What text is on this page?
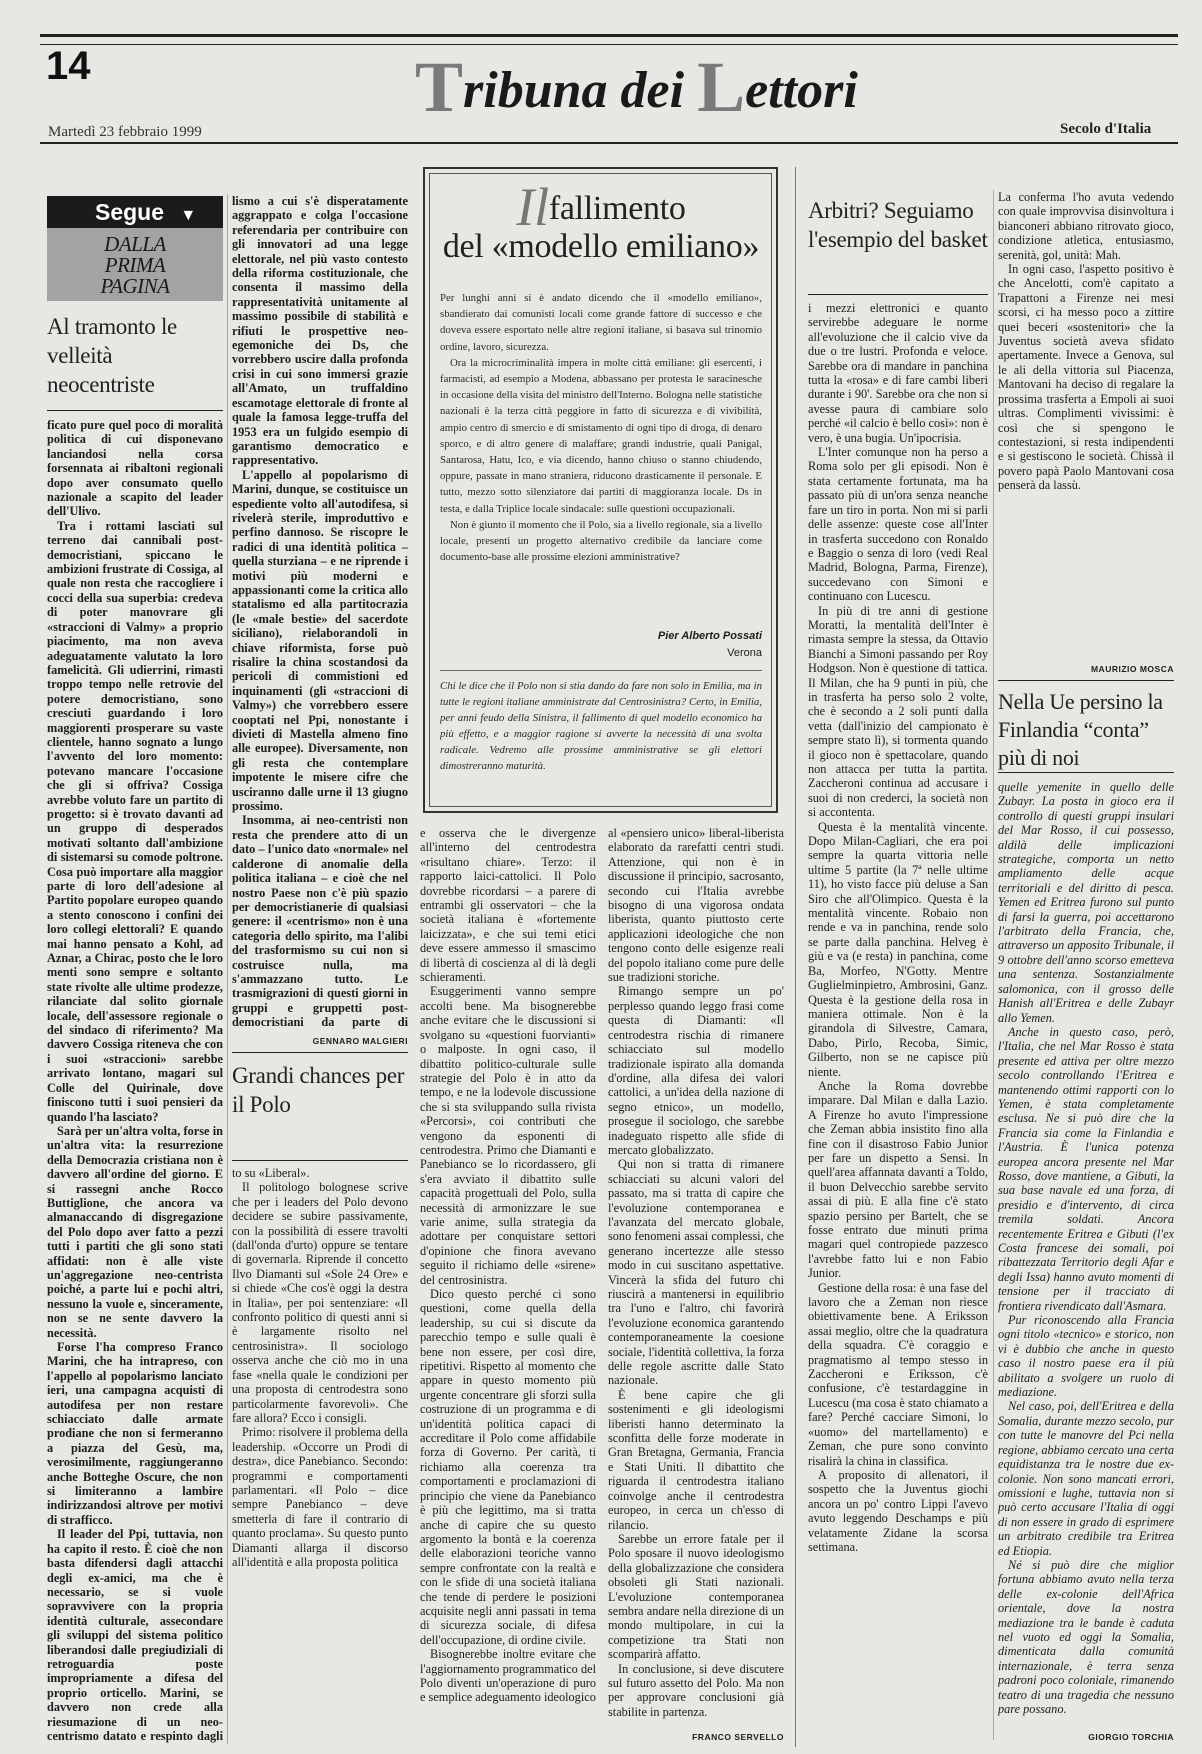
14	Tribuna dei Lettori
Martedì 23 febbraio 1999	Secolo d'Italia
Segue ▼
DALLA PRIMA PAGINA
Al tramonto le velleità neocentriste

ficato pure quel poco di moralità politica di cui disponevano lanciandosi nella corsa forsennata ai ribaltoni regionali dopo aver consumato quello nazionale a scapito del leader dell'Ulivo.

Tra i rottami lasciati sul terreno dai cannibali post-democristiani, spiccano le ambizioni frustrate di Cossiga, al quale non resta che raccogliere i cocci della sua superbia: credeva di poter manovrare gli «straccioni di Valmy» a proprio piacimento, ma non aveva adeguatamente valutato la loro famelicità. Gli udierrini, rimasti troppo tempo nelle retrovie del potere democristiano, sono cresciuti guardando i loro maggiorenti prosperare su vaste clientele, hanno sognato a lungo l'avvento del loro momento: potevano mancare l'occasione che gli si offriva? Cossiga avrebbe voluto fare un partito di progetto: si è trovato davanti ad un gruppo di desperados motivati soltanto dall'ambizione di sistemarsi su comode poltrone. Cosa può importare alla maggior parte di loro dell'adesione al Partito popolare europeo quando a stento conoscono i confini dei loro collegi elettorali? E quando mai hanno pensato a Kohl, ad Aznar, a Chirac, posto che le loro menti sono sempre e soltanto state rivolte alle ultime prodezze, rilanciate dal solito giornale locale, dell'assessore regionale o del sindaco di riferimento? Ma davvero Cossiga riteneva che con i suoi «straccioni» sarebbe arrivato lontano, magari sul Colle del Quirinale, dove finiscono tutti i suoi pensieri da quando l'ha lasciato?

Sarà per un'altra volta, forse in un'altra vita: la resurrezione della Democrazia cristiana non è davvero all'ordine del giorno. E si rassegni anche Rocco Buttiglione, che ancora va almanaccando di disgregazione del Polo dopo aver fatto a pezzi tutti i partiti che gli sono stati affidati: non è alle viste un'aggregazione neo-centrista poiché, a parte lui e pochi altri, nessuno la vuole e, sinceramente, non se ne sente davvero la necessità.

Forse l'ha compreso Franco Marini, che ha intrapreso, con l'appello al popolarismo lanciato ieri, una campagna acquisti di autodifesa per non restare schiacciato dalle armate prodiane che non si fermeranno a piazza del Gesù, ma, verosimilmente, raggiungeranno anche Botteghe Oscure, che non si limiteranno a lambire indirizzandosi altrove per motivi di strafficco.

Il leader del Ppi, tuttavia, non ha capito il resto. È cioè che non basta difendersi dagli attacchi degli ex-amici, ma che è necessario, se si vuole sopravvivere con la propria identità culturale, assecondare gli sviluppi del sistema politico liberandosi dalle pregiudiziali di retroguardia poste impropriamente a difesa del proprio orticello. Marini, se davvero non crede alla riesumazione di un neo-centrismo datato e respinto dagli

lismo a cui s'è disperatamente aggrappato e colga l'occasione referendaria per contribuire con gli innovatori ad una legge elettorale, nel più vasto contesto della riforma costituzionale, che consenta il massimo della rappresentatività unitamente al massimo possibile di stabilità e rifiuti le prospettive neo-egemoniche dei Ds, che vorrebbero uscire dalla profonda crisi in cui sono immersi grazie all'Amato, un truffaldino escamotage elettorale di fronte al quale la famosa legge-truffa del 1953 era un fulgido esempio di garantismo democratico e rappresentativo.

L'appello al popolarismo di Marini, dunque, se costituisce un espediente volto all'autodifesa, si rivelerà sterile, improduttivo e perfino dannoso. Se riscopre le radici di una identità politica – quella sturziana – e ne riprende i motivi più moderni e appassionanti come la critica allo statalismo ed alla partitocrazia (le «male bestie» del sacerdote siciliano), rielaborandoli in chiave riformista, forse può risalire la china scostandosi da pericoli di commistioni ed inquinamenti (gli «straccioni di Valmy») che vorrebbero essere cooptati nel Ppi, nonostante i divieti di Mastella almeno fino alle europee). Diversamente, non gli resta che contemplare impotente le misere cifre che usciranno dalle urne il 13 giugno prossimo.

Insomma, ai neo-centristi non resta che prendere atto di un dato – l'unico dato «normale» nel calderone di anomalie della politica italiana – e cioè che nel nostro Paese non c'è più spazio per democristianerie di qualsiasi genere: il «centrismo» non è una categoria dello spirito, ma l'alibi del trasformismo su cui non si costruisce nulla, ma s'ammazzano tutto. Le trasmigrazioni di questi giorni in gruppi e gruppetti post-democristiani da parte di

GENNARO MALGIERI
Grandi chances per il Polo

to su «Liberal».

Il politologo bolognese scrive che per i leaders del Polo devono decidere se subire passivamente, con la possibilità di essere travolti (dall'onda d'urto) oppure se tentare di governarla. Riprende il concetto Ilvo Diamanti sul «Sole 24 Ore» e si chiede «Che cos'è oggi la destra in Italia», per poi sentenziare: «Il confronto politico di questi anni si è largamente risolto nel centrosinistra». Il sociologo osserva anche che ciò mo in una fase «nella quale le condizioni per una proposta di centrodestra sono particolarmente favorevoli». Che fare allora? Ecco i consigli.

Primo: risolvere il problema della leadership. «Occorre un Prodi di destra», dice Panebianco. Secondo: programmi e comportamenti parlamentari. «Il Polo – dice sempre Panebianco – deve smetterla di fare il contrario di quanto proclama». Su questo punto Diamanti allarga il discorso all'identità e alla proposta politica

Ilfallimento
del «modello emiliano»

Per lunghi anni si è andato dicendo che il «modello emiliano», sbandierato dai comunisti locali come grande fattore di successo e che doveva essere esportato nelle altre regioni italiane, si basava sul trinomio ordine, lavoro, sicurezza.

Ora la microcriminalità impera in molte città emiliane: gli esercenti, i farmacisti, ad esempio a Modena, abbassano per protesta le saracinesche in occasione della visita del ministro dell'Interno. Bologna nelle statistiche nazionali è la terza città peggiore in fatto di sicurezza e di vivibilità, ampio centro di smercio e di smistamento di ogni tipo di droga, di denaro sporco, e di altro genere di malaffare; grandi industrie, quali Panigal, Santarosa, Hatu, Ico, e via dicendo, hanno chiuso o stanno chiudendo, oppure, passate in mano straniera, riducono drasticamente il personale. E tutto, mezzo sotto silenziatore dai partiti di maggioranza locale. Ds in testa, e dalla Triplice locale sindacale: sulle questioni occupazionali.

Non è giunto il momento che il Polo, sia a livello regionale, sia a livello locale, presenti un progetto alternativo credibile da lanciare come documento-base alle prossime elezioni amministrative?

Pier Alberto Possati
Verona
Chi le dice che il Polo non si stia dando da fare non solo in Emilia, ma in tutte le regioni italiane amministrate dal Centrosinistra? Certo, in Emilia, per anni feudo della Sinistra, il fallimento di quel modello economico ha più effetto, e a maggior ragione si avverte la necessità di una svolta radicale. Vedremo alle prossime amministrative se gli elettori dimostreranno maturità.

e osserva che le divergenze all'interno del centrodestra «risultano chiare». Terzo: il rapporto laici-cattolici. Il Polo dovrebbe ricordarsi – a parere di entrambi gli osservatori – che la società italiana è «fortemente laicizzata», e che sui temi etici deve essere ammesso il smascimo di libertà di coscienza al di là degli schieramenti.

Esuggerimenti vanno sempre accolti bene. Ma bisognerebbe anche evitare che le discussioni si svolgano su «questioni fuorvianti» o malposte. In ogni caso, il dibattito politico-culturale sulle strategie del Polo è in atto da tempo, e ne la lodevole discussione che si sta sviluppando sulla rivista «Percorsi», coi contributi che vengono da esponenti di centrodestra. Primo che Diamanti e Panebianco se lo ricordassero, gli s'era avviato il dibattito sulle capacità progettuali del Polo, sulla necessità di armonizzare le sue varie anime, sulla strategia da adottare per conquistare settori d'opinione che finora avevano seguito il richiamo delle «sirene» del centrosinistra.

Dico questo perché ci sono questioni, come quella della leadership, su cui si discute da parecchio tempo e sulle quali è bene non essere, per così dire, ripetitivi. Rispetto al momento che appare in questo momento più urgente concentrare gli sforzi sulla costruzione di un programma e di un'identità politica capaci di accreditare il Polo come affidabile forza di Governo. Per carità, ti richiamo alla coerenza tra comportamenti e proclamazioni di principio che viene da Panebianco è più che legittimo, ma si tratta anche di capire che su questo argomento la bontà e la coerenza delle elaborazioni teoriche vanno sempre confrontate con la realtà e con le sfide di una società italiana che tende di perdere le posizioni acquisite negli anni passati in tema di sicurezza sociale, di difesa dell'occupazione, di ordine civile.

Bisognerebbe inoltre evitare che l'aggiornamento programmatico del Polo diventi un'operazione di puro e semplice adeguamento ideologico

al «pensiero unico» liberal-liberista elaborato da rarefatti centri studi. Attenzione, qui non è in discussione il principio, sacrosanto, secondo cui l'Italia avrebbe bisogno di una vigorosa ondata liberista, quanto piuttosto certe applicazioni ideologiche che non tengono conto delle esigenze reali del popolo italiano come pure delle sue tradizioni storiche.

Rimango sempre un po' perplesso quando leggo frasi come questa di Diamanti: «Il centrodestra rischia di rimanere schiacciato sul modello tradizionale ispirato alla domanda d'ordine, alla difesa dei valori cattolici, a un'idea della nazione di segno etnico», un modello, prosegue il sociologo, che sarebbe inadeguato rispetto alle sfide di mercato globalizzato.

Qui non si tratta di rimanere schiacciati su alcuni valori del passato, ma si tratta di capire che l'evoluzione contemporanea e l'avanzata del mercato globale, sono fenomeni assai complessi, che generano incertezze alle stesso modo in cui suscitano aspettative. Vincerà la sfida del futuro chi riuscirà a mantenersi in equilibrio tra l'uno e l'altro, chi favorirà l'evoluzione economica garantendo contemporaneamente la coesione sociale, l'identità collettiva, la forza delle regole ascritte dalle Stato nazionale.

È bene capire che gli sostenimenti e gli ideologismi liberisti hanno determinato la sconfitta delle forze moderate in Gran Bretagna, Germania, Francia e Stati Uniti. Il dibattito che riguarda il centrodestra italiano coinvolge anche il centrodestra europeo, in cerca un ch'esso di rilancio.

Sarebbe un errore fatale per il Polo sposare il nuovo ideologismo della globalizzazione che considera obsoleti gli Stati nazionali. L'evoluzione contemporanea sembra andare nella direzione di un mondo multipolare, in cui la competizione tra Stati non scomparirà affatto.

In conclusione, si deve discutere sul futuro assetto del Polo. Ma non per approvare conclusioni già stabilite in partenza.

FRANCO SERVELLO
Arbitri? Seguiamo l'esempio del basket

i mezzi elettronici e quanto servirebbe adeguare le norme all'evoluzione che il calcio vive da due o tre lustri. Profonda e veloce. Sarebbe ora di mandare in panchina tutta la «rosa» e di fare cambi liberi durante i 90'. Sarebbe ora che non si avesse paura di cambiare solo perché «il calcio è bello così»: non è vero, è una bugia. Un'ipocrisia.

L'Inter comunque non ha perso a Roma solo per gli episodi. Non è stata certamente fortunata, ma ha passato più di un'ora senza neanche fare un tiro in porta. Non mi si parli delle assenze: queste cose all'Inter in trasferta succedono con Ronaldo e Baggio o senza di loro (vedi Real Madrid, Bologna, Parma, Firenze), succedevano con Simoni e continuano con Lucescu.

In più di tre anni di gestione Moratti, la mentalità dell'Inter è rimasta sempre la stessa, da Ottavio Bianchi a Simoni passando per Roy Hodgson. Non è questione di tattica. Il Milan, che ha 9 punti in più, che in trasferta ha perso solo 2 volte, che è secondo a 2 soli punti dalla vetta (dall'inizio del campionato è sempre stato lì), si tormenta quando il gioco non è spettacolare, quando non attacca per tutta la partita. Zaccheroni continua ad accusare i suoi di non crederci, la società non si accontenta.

Questa è la mentalità vincente. Dopo Milan-Cagliari, che era poi sempre la quarta vittoria nelle ultime 5 partite (la 7ª nelle ultime 11), ho visto facce più deluse a San Siro che all'Olimpico. Questa è la mentalità vincente. Robaio non rende e va in panchina, rende solo se parte dalla panchina. Helveg è giù e va (e resta) in panchina, come Ba, Morfeo, N'Gotty. Mentre Guglielminpietro, Ambrosini, Ganz. Questa è la gestione della rosa in maniera ottimale. Non è la girandola di Silvestre, Camara, Dabo, Pirlo, Recoba, Simic, Gilberto, non se ne capisce più niente.

Anche la Roma dovrebbe imparare. Dal Milan e dalla Lazio. A Firenze ho avuto l'impressione che Zeman abbia insistito fino alla fine con il disastroso Fabio Junior per fare un dispetto a Sensi. In quell'area affannata davanti a Toldo, il buon Delvecchio sarebbe servito assai di più. E alla fine c'è stato spazio persino per Bartelt, che se fosse entrato due minuti prima magari quel contropiede pazzesco l'avrebbe fatto lui e non Fabio Junior.

Gestione della rosa: è una fase del lavoro che a Zeman non riesce obiettivamente bene. A Eriksson assai meglio, oltre che la quadratura della squadra. C'è coraggio e pragmatismo al tempo stesso in Zaccheroni e Eriksson, c'è confusione, c'è testardaggine in Lucescu (ma cosa è stato chiamato a fare? Perché cacciare Simoni, lo «uomo» del martellamento) e Zeman, che pure sono convinto risalirà la china in classifica.

A proposito di allenatori, il sospetto che la Juventus giochi ancora un po' contro Lippi l'avevo avuto leggendo Deschamps e più velatamente Zidane la scorsa settimana.

La conferma l'ho avuta vedendo con quale improvvisa disinvoltura i bianconeri abbiano ritrovato gioco, condizione atletica, entusiasmo, serenità, gol, unità: Mah.

In ogni caso, l'aspetto positivo è che Ancelotti, com'è capitato a Trapattoni a Firenze nei mesi scorsi, ci ha messo poco a zittire quei beceri «sostenitori» che la Juventus società aveva sfidato apertamente. Invece a Genova, sul le ali della vittoria sul Piacenza, Mantovani ha deciso di regalare la prossima trasferta a Empoli ai suoi ultras. Complimenti vivissimi: è così che si spengono le contestazioni, si resta indipendenti e si gestiscono le società. Chissà il povero papà Paolo Mantovani cosa penserà da lassù.

MAURIZIO MOSCA
Nella Ue persino la Finlandia “conta” più di noi

quelle yemenite in quello delle Zubayr. La posta in gioco era il controllo di questi gruppi insulari del Mar Rosso, il cui possesso, aldilà delle implicazioni strategiche, comporta un netto ampliamento delle acque territoriali e del diritto di pesca. Yemen ed Eritrea furono sul punto di farsi la guerra, poi accettarono l'arbitrato della Francia, che, attraverso un apposito Tribunale, il 9 ottobre dell'anno scorso emetteva una sentenza. Sostanzialmente salomonica, con il grosso delle Hanish all'Eritrea e delle Zubayr allo Yemen.

Anche in questo caso, però, l'Italia, che nel Mar Rosso è stata presente ed attiva per oltre mezzo secolo controllando l'Eritrea e mantenendo ottimi rapporti con lo Yemen, è stata completamente esclusa. Ne si può dire che la Francia sia come la Finlandia e l'Austria. È l'unica potenza europea ancora presente nel Mar Rosso, dove mantiene, a Gibuti, la sua base navale ed una forza, di presidio e d'intervento, di circa tremila soldati. Ancora recentemente Eritrea e Gibuti (l'ex Costa francese dei somali, poi ribattezzata Territorio degli Afar e degli Issa) hanno avuto momenti di tensione per il tracciato di frontiera rivendicato dall'Asmara.

Pur riconoscendo alla Francia ogni titolo «tecnico» e storico, non vi è dubbio che anche in questo caso il nostro paese era il più abilitato a svolgere un ruolo di mediazione.

Nel caso, poi, dell'Eritrea e della Somalia, durante mezzo secolo, pur con tutte le manovre del Pci nella regione, abbiamo cercato una certa equidistanza tra le nostre due ex-colonie. Non sono mancati errori, omissioni e lughe, tuttavia non si può certo accusare l'Italia di oggi di non essere in grado di esprimere un arbitrato credibile tra Eritrea ed Etiopia.

Né si può dire che miglior fortuna abbiamo avuto nella terza delle ex-colonie dell'Africa orientale, dove la nostra mediazione tra le bande è caduta nel vuoto ed oggi la Somalia, dimenticata dalla comunità internazionale, è terra senza padroni poco coloniale, rimanendo teatro di una tragedia che nessuno pare possano.

GIORGIO TORCHIA
